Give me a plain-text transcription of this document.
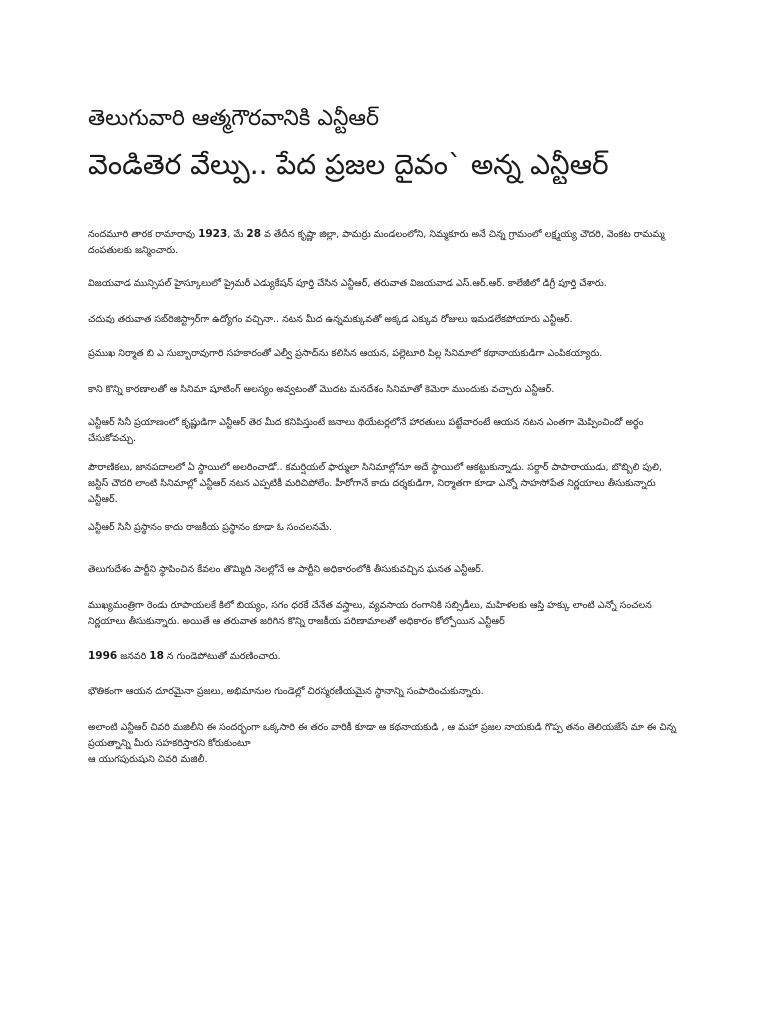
తెలుగువారి ఆత్మగౌరవానికి ఎన్టీఆర్
వెండితెర వేల్పు.. పేద ప్రజల దైవం` అన్న ఎన్టీఆర్

నందమూరి తారక రామారావు 1923, మే 28 వ తేదీన కృష్ణా జిల్లా, పామర్రు మండలంలోని, నిమ్మకూరు అనే చిన్న గ్రామంలో లక్ష్మయ్య చౌదరి, వెంకట రామమ్మ దంపతులకు జన్మించారు.

విజయవాడ మున్సిపల్ హైస్కూలులో ప్రైమరీ ఎడ్యుకేషన్ పూర్తి చేసిన ఎన్టీఆర్, తరువాత విజయవాడ ఎస్.ఆర్.ఆర్. కాలేజీలో డిగ్రీ పూర్తి చేశారు.

చదువు తరువాత సబ్‌రిజిస్ట్రార్‌గా ఉద్యోగం వచ్చినా.. నటన మీద ఉన్నమక్కువతో అక్కడ ఎక్కువ రోజులు ఇమడలేకపోయారు ఎన్టీఆర్.

ప్రముఖ నిర్మాత బి ఎ సుబ్బారావుగారి సహకారంతో ఎల్వీ ప్రసాద్‌ను కలిసిన ఆయన, పల్లెటూరి పిల్ల సినిమాలో కథానాయకుడిగా ఎంపికయ్యారు.

కాని కొన్ని కారణాలతో ఆ సినిమా షూటింగ్ ఆలస్యం అవ్వటంతో మొదట మనదేశం సినిమాతో కెమెరా ముందుకు వచ్చారు ఎన్టీఆర్.

ఎన్టీఆర్ సినీ ప్రయాణంలో కృష్ణుడిగా ఎన్టీఆర్ తెర మీద కనిపిస్తుంటే జనాలు థియేటర్లలోనే హారతులు పట్టేవారంటే ఆయన నటన ఎంతగా మెప్పించిందో అర్థం చేసుకోవచ్చు.

పౌరాణికలు, జానపదాలలో ఏ స్థాయిలో అలరించాడో.. కమర్షియల్ ఫార్ములా సినిమాల్లోనూ అదే స్థాయిలో ఆకట్టుకున్నాడు. సర్దార్ పాపారాయుడు, బొబ్బిలి పులి, జస్టిస్ చౌదరి లాంటి సినిమాల్లో ఎన్టీఆర్ నటన ఎప్పటికీ మరిచిపోలేం. హీరోగానే కాదు దర్శకుడిగా, నిర్మాతగా కూడా ఎన్నో సాహసోపేత నిర్ణయాలు తీసుకున్నారు ఎన్టీఆర్.

ఎన్టీఆర్ సినీ ప్రస్థానం కాదు రాజకీయ ప్రస్థానం కూడా ఓ సంచలనమే.

తెలుగుదేశం పార్టీని స్థాపించిన కేవలం తొమ్మిది నెలల్లోనే ఆ పార్టీని అధికారంలోకి తీసుకువచ్చిన ఘనత ఎన్టీఆర్.

ముఖ్యమంత్రిగా రెండు రూపాయలకే కిలో బియ్యం, సగం ధరకే చేనేత వస్త్రాలు, వ్యవసాయ రంగానికి సబ్సిడీలు, మహిళలకు ఆస్తి హక్కు లాంటి ఎన్నో సంచలన నిర్ణయాలు తీసుకున్నారు. అయితే ఆ తరువాత జరిగిన కొన్ని రాజకీయ పరిణామాలతో అధికారం కోల్పోయిన ఎన్టీఆర్

1996 జనవరి 18 న గుండెపోటుతో మరణించారు.

భౌతికంగా ఆయన దూరమైనా ప్రజలు, అభిమానుల గుండెల్లో చిరస్మరణీయమైన స్థానాన్ని సంపాదించుకున్నారు.

అలాంటి ఎన్టీఆర్ చివరి మజిలీని ఈ సందర్భంగా ఒక్కసారి ఈ తరం వారికీ కూడా ఆ కథనాయకుడి , ఆ మహా ప్రజల నాయకుడి గొప్ప తనం తెలియజేసే మా ఈ చిన్న ప్రయత్నాన్ని మీరు సహకరిస్తారని కోరుకుంటూ
ఆ యుగపురుషుని చివరి మజిలీ.
